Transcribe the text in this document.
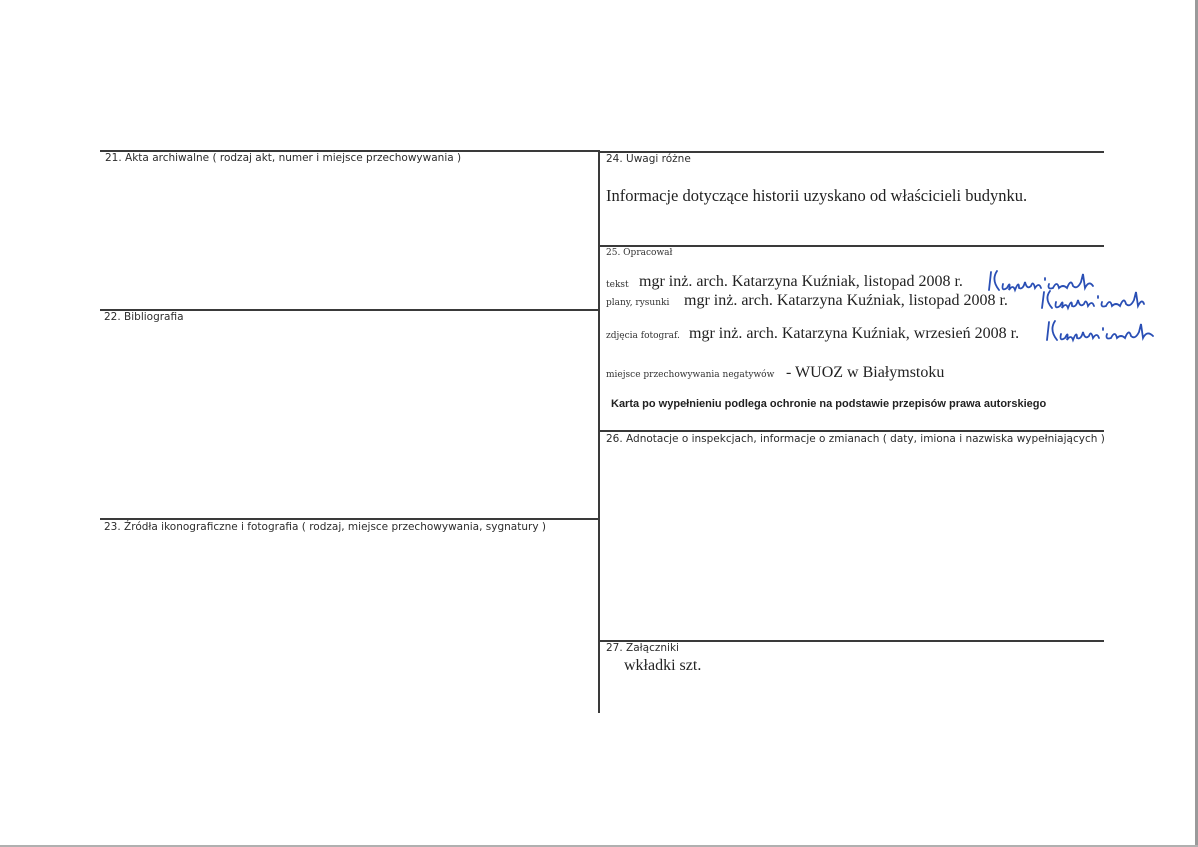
21. Akta archiwalne ( rodzaj akt, numer i miejsce przechowywania )
22. Bibliografia
23. Źródła ikonograficzne i fotografia ( rodzaj, miejsce przechowywania, sygnatury )
24. Uwagi różne
Informacje dotyczące historii uzyskano od właścicieli budynku.
25. Opracował
tekst mgr inż. arch. Katarzyna Kuźniak, listopad 2008 r.
plany, rysunki mgr inż. arch. Katarzyna Kuźniak, listopad 2008 r.
zdjęcia fotograf. mgr inż. arch. Katarzyna Kuźniak, wrzesień 2008 r.
miejsce przechowywania negatywów - WUOZ w Białymstoku
Karta po wypełnieniu podlega ochronie na podstawie przepisów prawa autorskiego
26. Adnotacje o inspekcjach, informacje o zmianach ( daty, imiona i nazwiska wypełniających )
27. Załączniki
wkładki szt.
